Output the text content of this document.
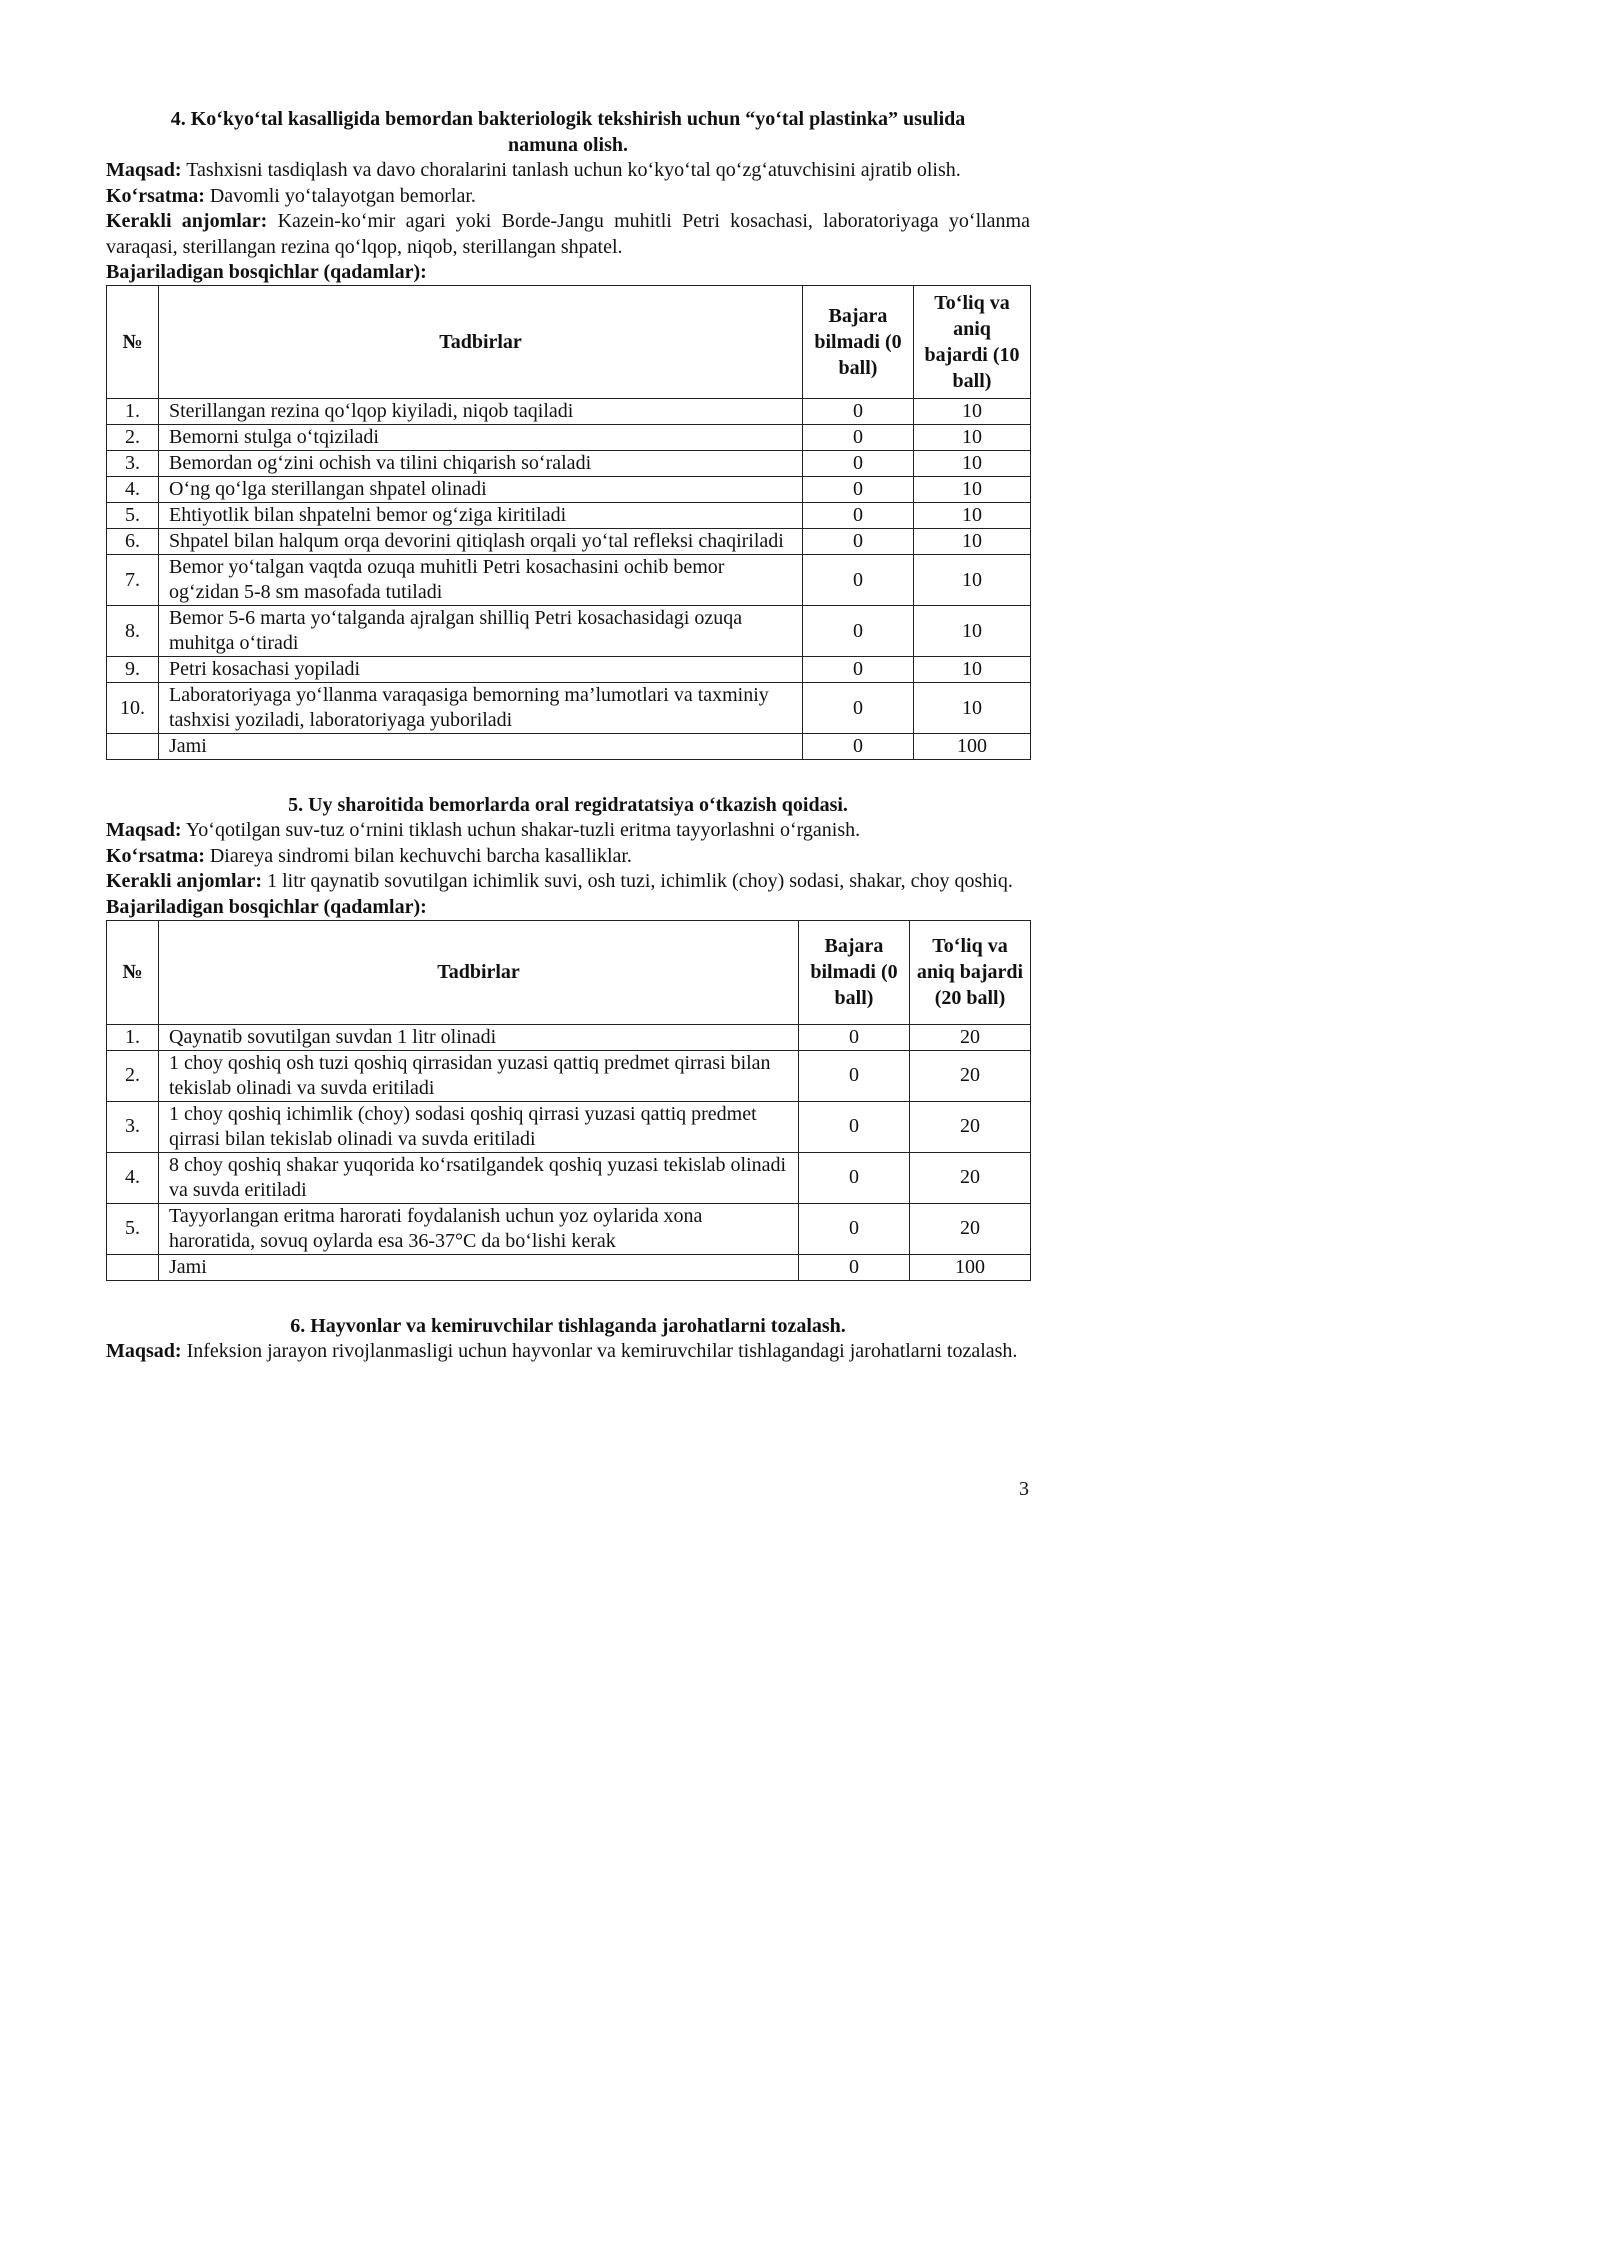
4. Ko‘kyo‘tal kasalligida bemordan bakteriologik tekshirish uchun “yo‘tal plastinka” usulida
namuna olish.

Maqsad: Tashxisni tasdiqlash va davo choralarini tanlash uchun ko‘kyo‘tal qo‘zg‘atuvchisini ajratib olish.

Ko‘rsatma: Davomli yo‘talayotgan bemorlar.

Kerakli anjomlar: Kazein-ko‘mir agari yoki Borde-Jangu muhitli Petri kosachasi, laboratoriyaga yo‘llanma varaqasi, sterillangan rezina qo‘lqop, niqob, sterillangan shpatel.

Bajariladigan bosqichlar (qadamlar):

№	Tadbirlar	Bajara bilmadi (0 ball)	To‘liq va aniq bajardi (10 ball)
1.	Sterillangan rezina qo‘lqop kiyiladi, niqob taqiladi	0	10
2.	Bemorni stulga o‘tqiziladi	0	10
3.	Bemordan og‘zini ochish va tilini chiqarish so‘raladi	0	10
4.	O‘ng qo‘lga sterillangan shpatel olinadi	0	10
5.	Ehtiyotlik bilan shpatelni bemor og‘ziga kiritiladi	0	10
6.	Shpatel bilan halqum orqa devorini qitiqlash orqali yo‘tal refleksi chaqiriladi	0	10
7.	Bemor yo‘talgan vaqtda ozuqa muhitli Petri kosachasini ochib bemor og‘zidan 5-8 sm masofada tutiladi	0	10
8.	Bemor 5-6 marta yo‘talganda ajralgan shilliq Petri kosachasidagi ozuqa muhitga o‘tiradi	0	10
9.	Petri kosachasi yopiladi	0	10
10.	Laboratoriyaga yo‘llanma varaqasiga bemorning ma’lumotlari va taxminiy tashxisi yoziladi, laboratoriyaga yuboriladi	0	10
	Jami	0	100

5. Uy sharoitida bemorlarda oral regidratatsiya o‘tkazish qoidasi.

Maqsad: Yo‘qotilgan suv-tuz o‘rnini tiklash uchun shakar-tuzli eritma tayyorlashni o‘rganish.

Ko‘rsatma: Diareya sindromi bilan kechuvchi barcha kasalliklar.

Kerakli anjomlar: 1 litr qaynatib sovutilgan ichimlik suvi, osh tuzi, ichimlik (choy) sodasi, shakar, choy qoshiq.

Bajariladigan bosqichlar (qadamlar):

№	Tadbirlar	Bajara bilmadi (0 ball)	To‘liq va aniq bajardi (20 ball)
1.	Qaynatib sovutilgan suvdan 1 litr olinadi	0	20
2.	1 choy qoshiq osh tuzi qoshiq qirrasidan yuzasi qattiq predmet qirrasi bilan tekislab olinadi va suvda eritiladi	0	20
3.	1 choy qoshiq ichimlik (choy) sodasi qoshiq qirrasi yuzasi qattiq predmet qirrasi bilan tekislab olinadi va suvda eritiladi	0	20
4.	8 choy qoshiq shakar yuqorida ko‘rsatilgandek qoshiq yuzasi tekislab olinadi va suvda eritiladi	0	20
5.	Tayyorlangan eritma harorati foydalanish uchun yoz oylarida xona haroratida, sovuq oylarda esa 36-37°C da bo‘lishi kerak	0	20
	Jami	0	100

6. Hayvonlar va kemiruvchilar tishlaganda jarohatlarni tozalash.

Maqsad: Infeksion jarayon rivojlanmasligi uchun hayvonlar va kemiruvchilar tishlagandagi jarohatlarni tozalash.

3
